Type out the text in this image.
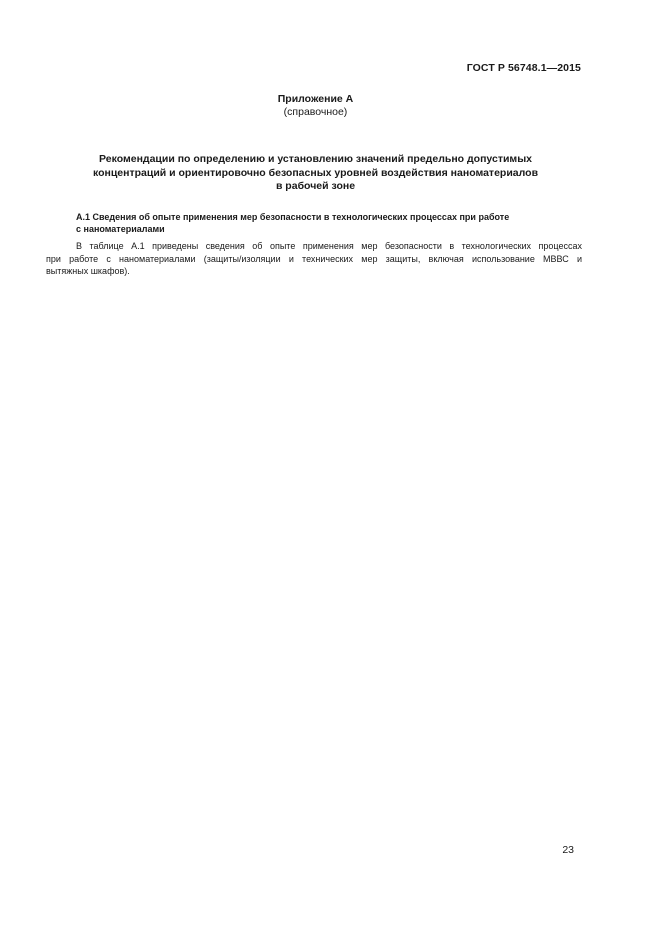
ГОСТ Р 56748.1—2015
Приложение А
(справочное)
Рекомендации по определению и установлению значений предельно допустимых
концентраций и ориентировочно безопасных уровней воздействия наноматериалов
в рабочей зоне
А.1 Сведения об опыте применения мер безопасности в технологических процессах при работе
с наноматериалами
В таблице А.1 приведены сведения об опыте применения мер безопасности в технологических процессах
при работе с наноматериалами (защиты/изоляции и технических мер защиты, включая использование МВВС и
вытяжных шкафов).
23
